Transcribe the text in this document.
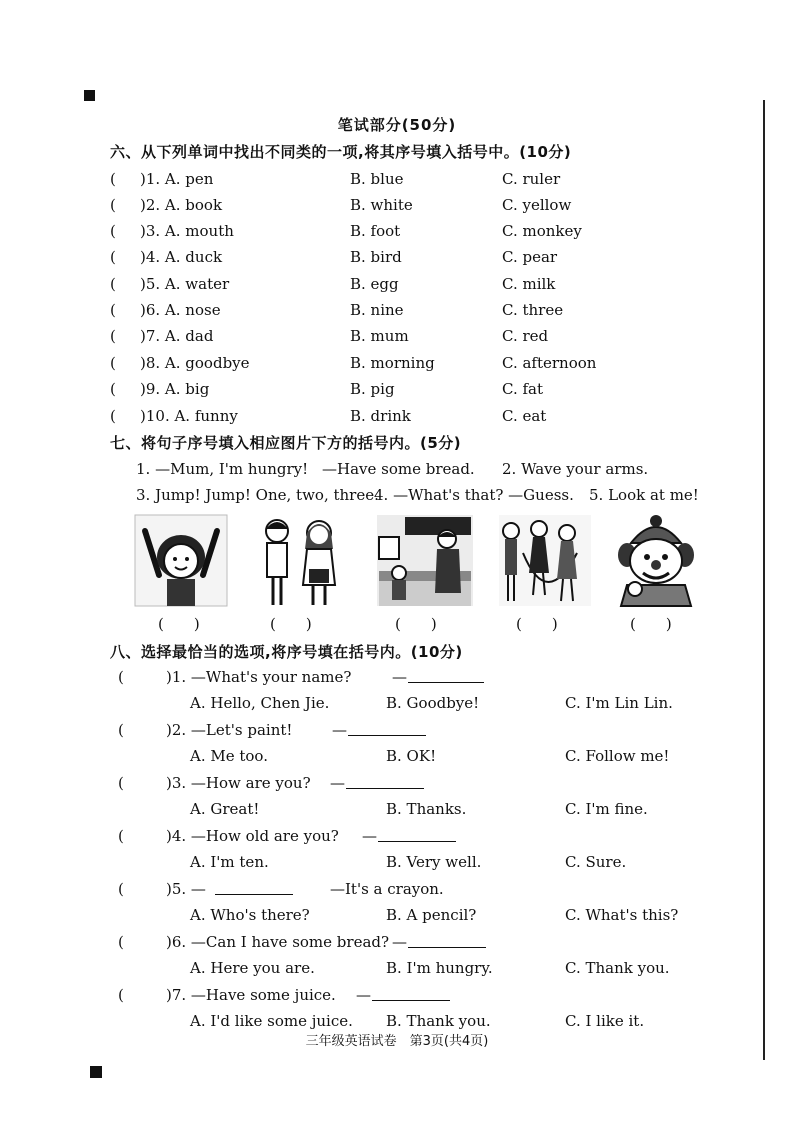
笔试部分(50分)
六、从下列单词中找出不同类的一项,将其序号填入括号中。(10分)
( )1. A. pen	B. blue	C. ruler
( )2. A. book	B. white	C. yellow
( )3. A. mouth	B. foot	C. monkey
( )4. A. duck	B. bird	C. pear
( )5. A. water	B. egg	C. milk
( )6. A. nose	B. nine	C. three
( )7. A. dad	B. mum	C. red
( )8. A. goodbye	B. morning	C. afternoon
( )9. A. big	B. pig	C. fat
( )10. A. funny	B. drink	C. eat
七、将句子序号填入相应图片下方的括号内。(5分)
1. —Mum, I'm hungry! —Have some bread. 2. Wave your arms.
3. Jump! Jump! One, two, three.
4. —What's that? —Guess. 5. Look at me!
(　　)	(　　)	(　　)	(　　)	(　　)
八、选择最恰当的选项,将序号填在括号内。(10分)
(	)1. —What's your name?	—
A. Hello, Chen Jie.	B. Goodbye!	C. I'm Lin Lin.
(	)2. —Let's paint!	—
A. Me too.	B. OK!	C. Follow me!
(	)3. —How are you? —
A. Great!	B. Thanks.	C. I'm fine.
(	)4. —How old are you? —
A. I'm ten.	B. Very well.	C. Sure.
(	)5. —	—It's a crayon.
A. Who's there?	B. A pencil?	C. What's this?
(	)6. —Can I have some bread? —
A. Here you are.	B. I'm hungry.	C. Thank you.
(	)7. —Have some juice. —
A. I'd like some juice. B. Thank you.	C. I like it.
三年级英语试卷　第3页(共4页)
